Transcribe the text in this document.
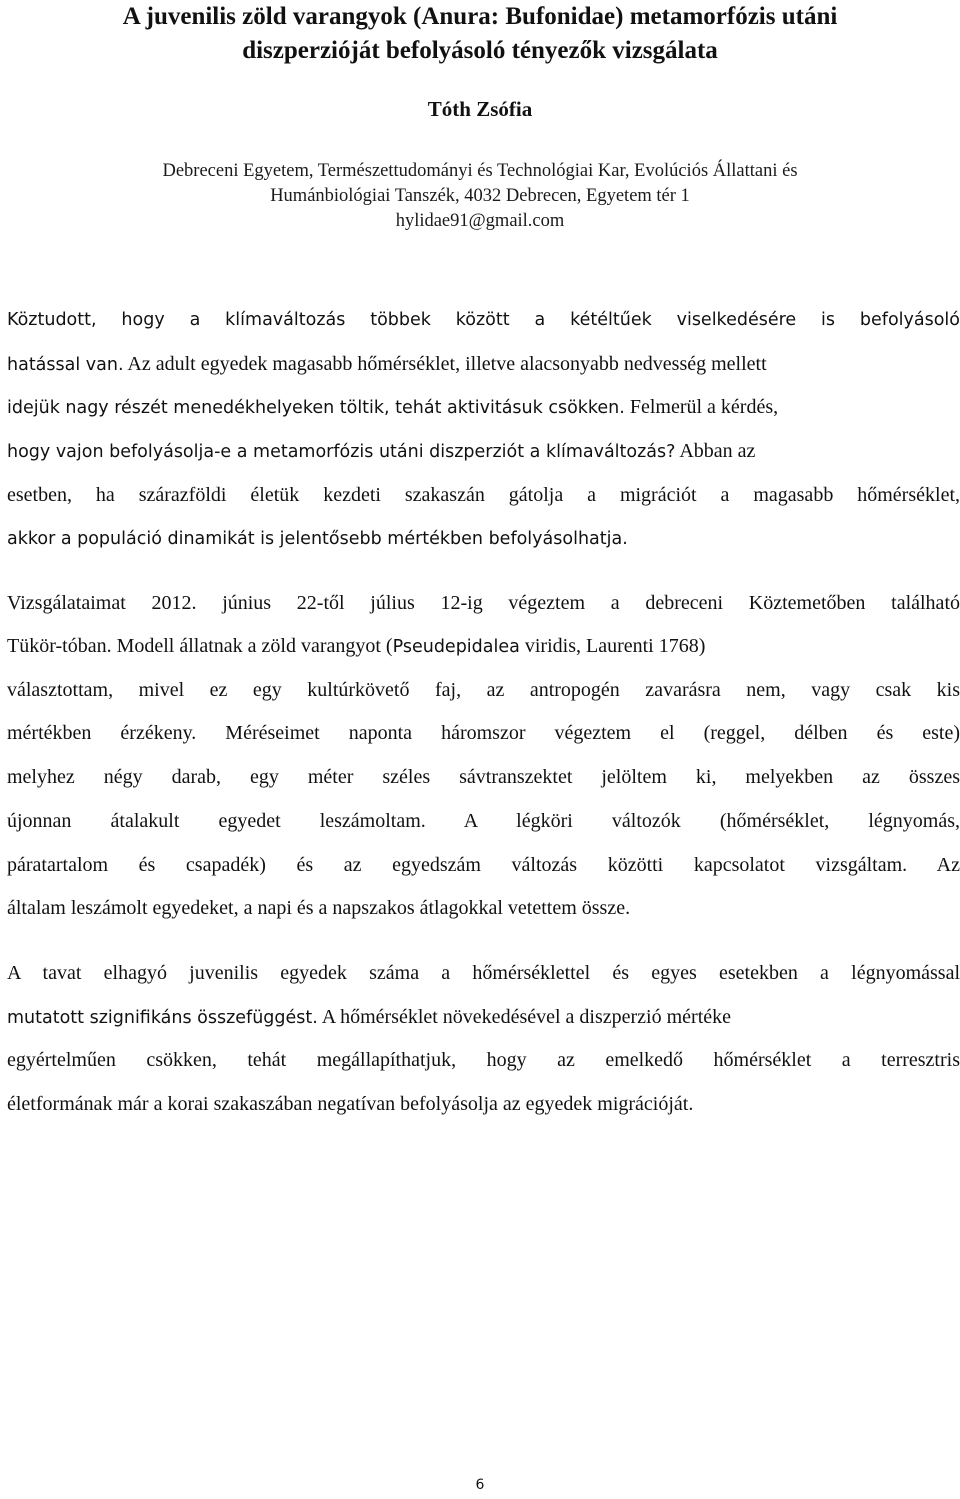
A juvenilis zöld varangyok (Anura: Bufonidae) metamorfózis utáni
diszperzióját befolyásoló tényezők vizsgálata
Tóth Zsófia
Debreceni Egyetem, Természettudományi és Technológiai Kar, Evolúciós Állattani és
Humánbiológiai Tanszék, 4032 Debrecen, Egyetem tér 1
hylidae91@gmail.com
Köztudott, hogy a klímaváltozás többek között a kétéltűek viselkedésére is befolyásoló
hatással van. Az adult egyedek magasabb hőmérséklet, illetve alacsonyabb nedvesség mellett
idejük nagy részét menedékhelyeken töltik, tehát aktivitásuk csökken. Felmerül a kérdés,
hogy vajon befolyásolja-e a metamorfózis utáni diszperziót a klímaváltozás? Abban az
esetben, ha szárazföldi életük kezdeti szakaszán gátolja a migrációt a magasabb hőmérséklet,
akkor a populáció dinamikát is jelentősebb mértékben befolyásolhatja.
Vizsgálataimat 2012. június 22-től július 12-ig végeztem a debreceni Köztemetőben található
Tükör-tóban. Modell állatnak a zöld varangyot (Pseudepidalea viridis, Laurenti 1768)
választottam, mivel ez egy kultúrkövető faj, az antropogén zavarásra nem, vagy csak kis
mértékben érzékeny. Méréseimet naponta háromszor végeztem el (reggel, délben és este)
melyhez négy darab, egy méter széles sávtranszektet jelöltem ki, melyekben az összes
újonnan átalakult egyedet leszámoltam. A légköri változók (hőmérséklet, légnyomás,
páratartalom és csapadék) és az egyedszám változás közötti kapcsolatot vizsgáltam. Az
általam leszámolt egyedeket, a napi és a napszakos átlagokkal vetettem össze.
A tavat elhagyó juvenilis egyedek száma a hőmérséklettel és egyes esetekben a légnyomással
mutatott szignifikáns összefüggést. A hőmérséklet növekedésével a diszperzió mértéke
egyértelműen csökken, tehát megállapíthatjuk, hogy az emelkedő hőmérséklet a terresztris
életformának már a korai szakaszában negatívan befolyásolja az egyedek migrációját.
6
